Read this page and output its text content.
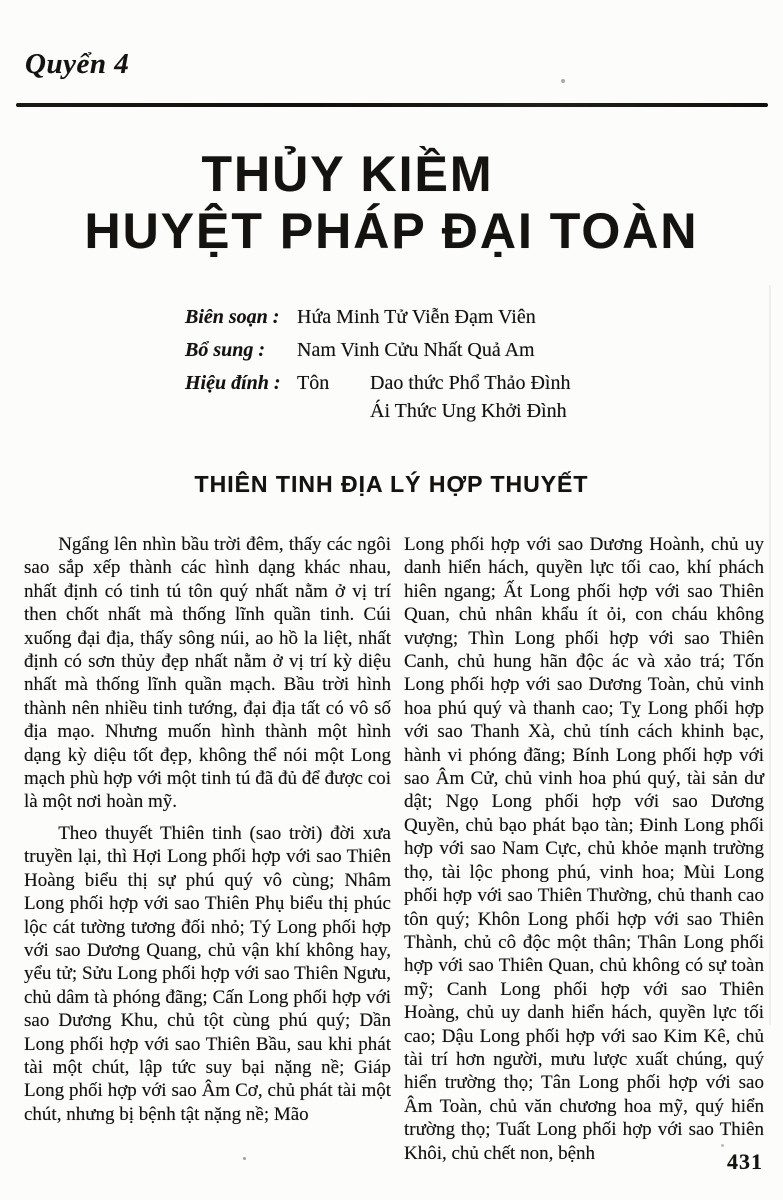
Quyển 4
THỦY KIỀM
HUYỆT PHÁP ĐẠI TOÀN
Biên soạn : Hứa Minh Tử Viễn Đạm Viên
Bổ sung :	Nam Vinh Cửu Nhất Quả Am
Hiệu đính : Tôn	Dao thức Phổ Thảo Đình
Ái Thức Ung Khởi Đình
THIÊN TINH ĐỊA LÝ HỢP THUYẾT

Ngẩng lên nhìn bầu trời đêm, thấy các ngôi sao sắp xếp thành các hình dạng khác nhau, nhất định có tinh tú tôn quý nhất nằm ở vị trí then chốt nhất mà thống lĩnh quần tinh. Cúi xuống đại địa, thấy sông núi, ao hồ la liệt, nhất định có sơn thủy đẹp nhất nằm ở vị trí kỳ diệu nhất mà thống lĩnh quần mạch. Bầu trời hình thành nên nhiều tinh tướng, đại địa tất có vô số địa mạo. Nhưng muốn hình thành một hình dạng kỳ diệu tốt đẹp, không thể nói một Long mạch phù hợp với một tinh tú đã đủ để được coi là một nơi hoàn mỹ.

Theo thuyết Thiên tinh (sao trời) đời xưa truyền lại, thì Hợi Long phối hợp với sao Thiên Hoàng biểu thị sự phú quý vô cùng; Nhâm Long phối hợp với sao Thiên Phụ biểu thị phúc lộc cát tường tương đối nhỏ; Tý Long phối hợp với sao Dương Quang, chủ vận khí không hay, yểu tử; Sửu Long phối hợp với sao Thiên Ngưu, chủ dâm tà phóng đãng; Cấn Long phối hợp với sao Dương Khu, chủ tột cùng phú quý; Dần Long phối hợp với sao Thiên Bầu, sau khi phát tài một chút, lập tức suy bại nặng nề; Giáp Long phối hợp với sao Âm Cơ, chủ phát tài một chút, nhưng bị bệnh tật nặng nề; Mão

Long phối hợp với sao Dương Hoành, chủ uy danh hiển hách, quyền lực tối cao, khí phách hiên ngang; Ất Long phối hợp với sao Thiên Quan, chủ nhân khẩu ít ỏi, con cháu không vượng; Thìn Long phối hợp với sao Thiên Canh, chủ hung hãn độc ác và xảo trá; Tốn Long phối hợp với sao Dương Toàn, chủ vinh hoa phú quý và thanh cao; Tỵ Long phối hợp với sao Thanh Xà, chủ tính cách khinh bạc, hành vi phóng đãng; Bính Long phối hợp với sao Âm Cử, chủ vinh hoa phú quý, tài sản dư dật; Ngọ Long phối hợp với sao Dương Quyền, chủ bạo phát bạo tàn; Đinh Long phối hợp với sao Nam Cực, chủ khỏe mạnh trường thọ, tài lộc phong phú, vinh hoa; Mùi Long phối hợp với sao Thiên Thường, chủ thanh cao tôn quý; Khôn Long phối hợp với sao Thiên Thành, chủ cô độc một thân; Thân Long phối hợp với sao Thiên Quan, chủ không có sự toàn mỹ; Canh Long phối hợp với sao Thiên Hoàng, chủ uy danh hiển hách, quyền lực tối cao; Dậu Long phối hợp với sao Kim Kê, chủ tài trí hơn người, mưu lược xuất chúng, quý hiển trường thọ; Tân Long phối hợp với sao Âm Toàn, chủ văn chương hoa mỹ, quý hiển trường thọ; Tuất Long phối hợp với sao Thiên Khôi, chủ chết non, bệnh	431
